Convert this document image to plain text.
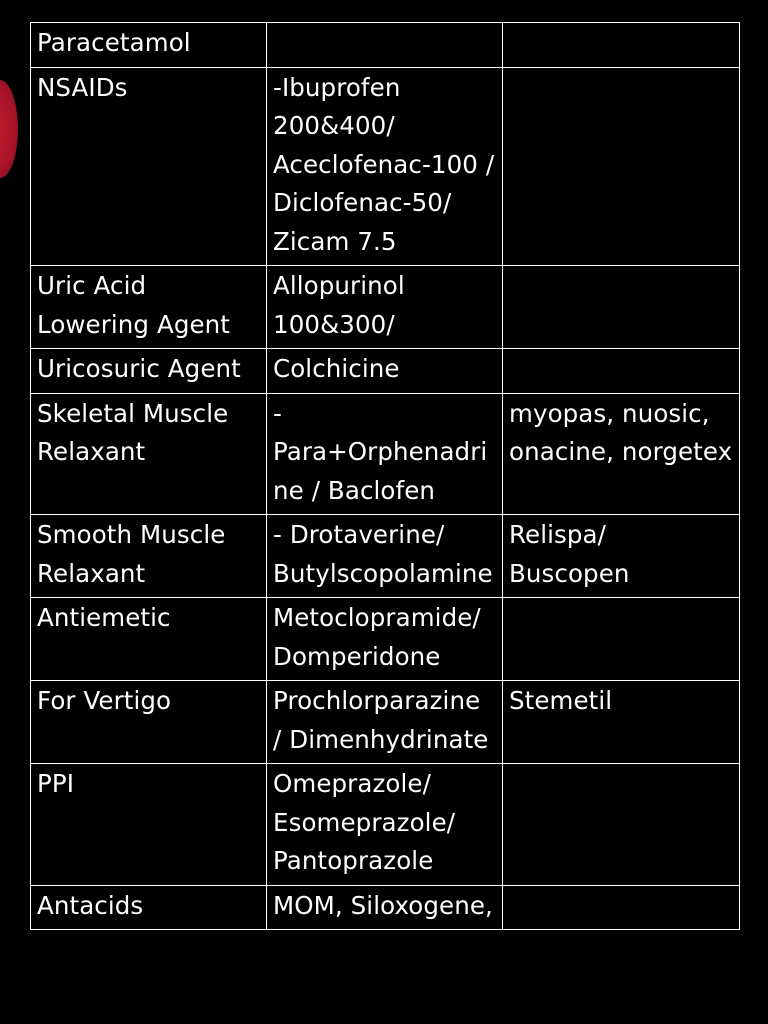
Paracetamol		
NSAIDs	-Ibuprofen 200&400/ Aceclofenac-100 / Diclofenac-50/ Zicam 7.5	
Uric Acid Lowering Agent	Allopurinol 100&300/	
Uricosuric Agent	Colchicine	
Skeletal Muscle Relaxant	-Para+Orphenadrine / Baclofen	myopas, nuosic, onacine, norgetex
Smooth Muscle Relaxant	- Drotaverine/ Butylscopolamine	Relispa/ Buscopen
Antiemetic	Metoclopramide/ Domperidone	
For Vertigo	Prochlorparazine / Dimenhydrinate	Stemetil
PPI	Omeprazole/ Esomeprazole/ Pantoprazole	
Antacids	MOM, Siloxogene,	
